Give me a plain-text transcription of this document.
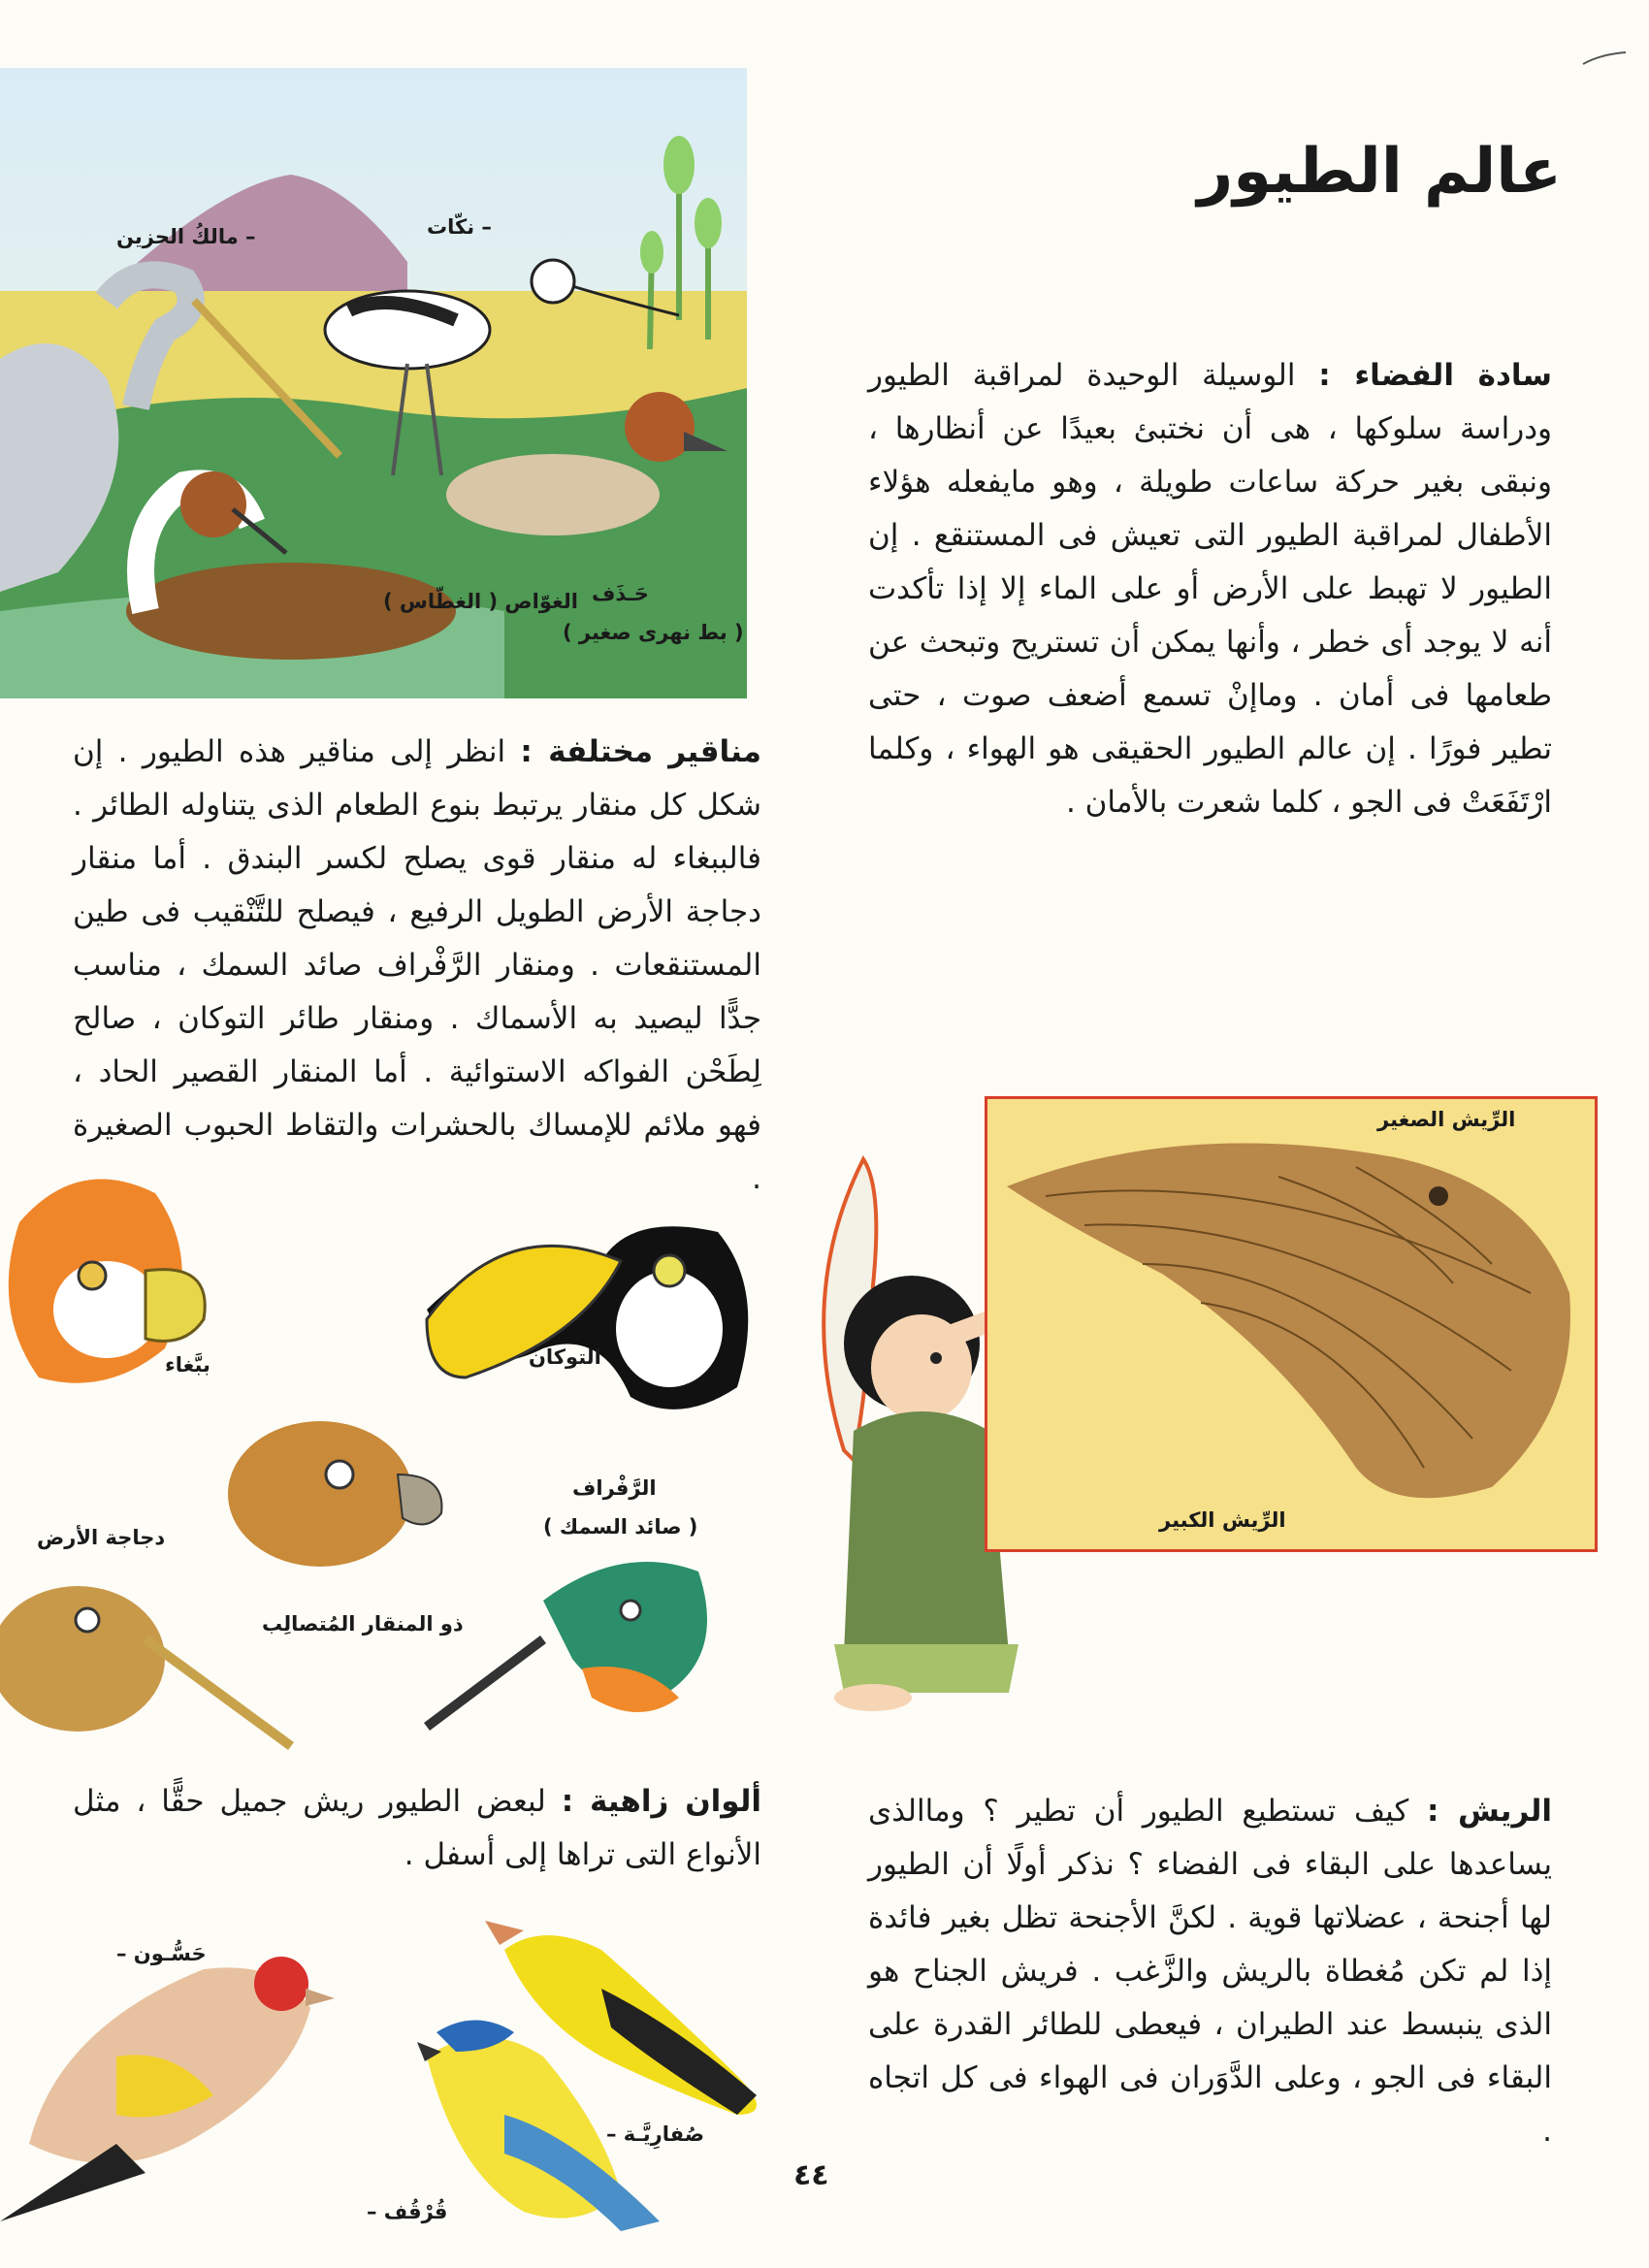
عالم الطيور
– مالكُ الحزين	– نكّات
الغوّاص ( الغطّاس ) حَـذَف
( بط نهرى صغير )
سادة الفضاء : الوسيلة الوحيدة لمراقبة الطيور ودراسة سلوكها ، هى أن نختبئ بعيدًا عن أنظارها ، ونبقى بغير حركة ساعات طويلة ، وهو مايفعله هؤلاء الأطفال لمراقبة الطيور التى تعيش فى المستنقع . إن الطيور لا تهبط على الأرض أو على الماء إلا إذا تأكدت أنه لا يوجد أى خطر ، وأنها يمكن أن تستريح وتبحث عن طعامها فى أمان . وماإنْ تسمع أضعف صوت ، حتى تطير فورًا . إن عالم الطيور الحقيقى هو الهواء ، وكلما ارْتَفَعَتْ فى الجو ، كلما شعرت بالأمان .
مناقير مختلفة : انظر إلى مناقير هذه الطيور . إن شكل كل منقار يرتبط بنوع الطعام الذى يتناوله الطائر . فالببغاء له منقار قوى يصلح لكسر البندق . أما منقار دجاجة الأرض الطويل الرفيع ، فيصلح للتَّنْقيب فى طين المستنقعات . ومنقار الرَّفْراف صائد السمك ، مناسب جدًّا ليصيد به الأسماك . ومنقار طائر التوكان ، صالح لِطَحْن الفواكه الاستوائية . أما المنقار القصير الحاد ، فهو ملائم للإمساك بالحشرات والتقاط الحبوب الصغيرة .
ببَّغاء	التوكان
الرَّفْراف
( صائد السمك )
دجاجة الأرض
ذو المنقار المُتصالِب
الرِّيش الصغير
الرِّيش الكبير
الريش : كيف تستطيع الطيور أن تطير ؟ وماالذى يساعدها على البقاء فى الفضاء ؟ نذكر أولًا أن الطيور لها أجنحة ، عضلاتها قوية . لكنَّ الأجنحة تظل بغير فائدة إذا لم تكن مُغطاة بالريش والزَّغب . فريش الجناح هو الذى ينبسط عند الطيران ، فيعطى للطائر القدرة على البقاء فى الجو ، وعلى الدَّوَران فى الهواء فى كل اتجاه .
ألوان زاهية : لبعض الطيور ريش جميل حقًّا ، مثل الأنواع التى تراها إلى أسفل .
حَسُّـون –
صُفارِيَّـة –
قُرْقُف –
٤٤
